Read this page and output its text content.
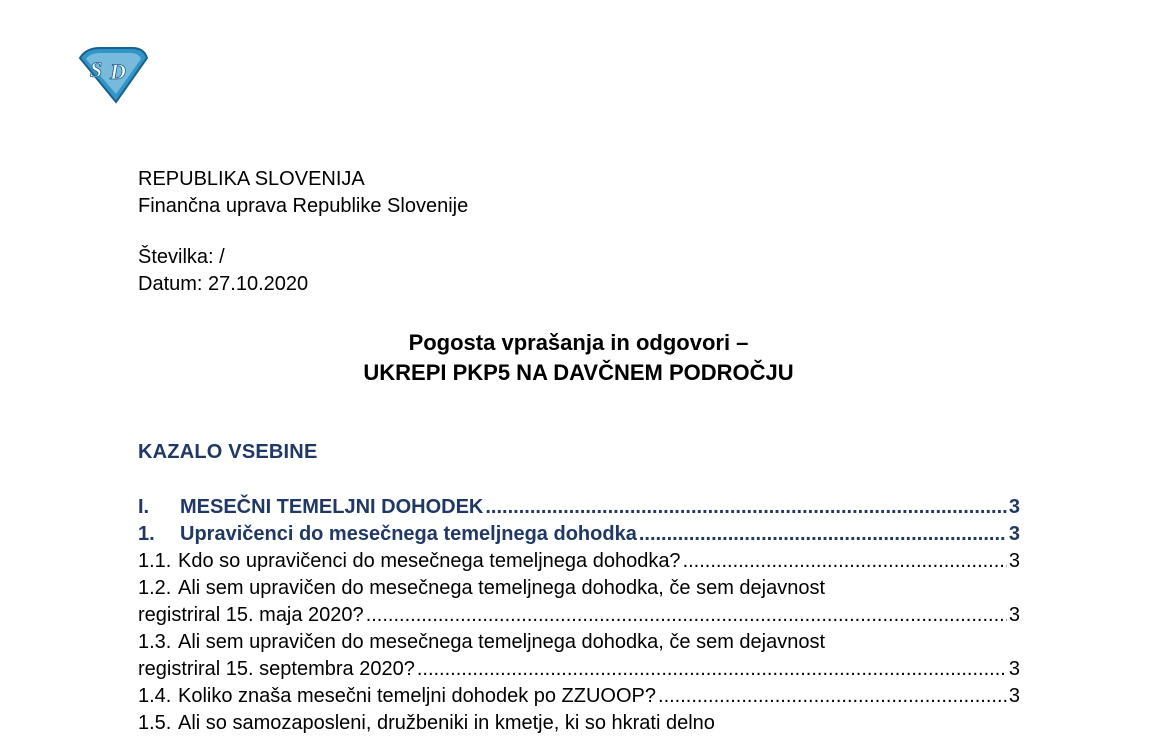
S D
REPUBLIKA SLOVENIJA
Finančna uprava Republike Slovenije
Številka: /
Datum: 27.10.2020
Pogosta vprašanja in odgovori –
UKREPI PKP5 NA DAVČNEM PODROČJU
KAZALO VSEBINE
I.	MESEČNI TEMELJNI DOHODEK .....	3
1.	Upravičenci do mesečnega temeljnega dohodka .....	3
1.1. Kdo so upravičenci do mesečnega temeljnega dohodka? .....	3
1.2. Ali sem upravičen do mesečnega temeljnega dohodka, če sem dejavnost
registriral 15. maja 2020? .....	3
1.3. Ali sem upravičen do mesečnega temeljnega dohodka, če sem dejavnost
registriral 15. septembra 2020? .....	3
1.4. Koliko znaša mesečni temeljni dohodek po ZZUOOP? .....	3
1.5. Ali so samozaposleni, družbeniki in kmetje, ki so hkrati delno
